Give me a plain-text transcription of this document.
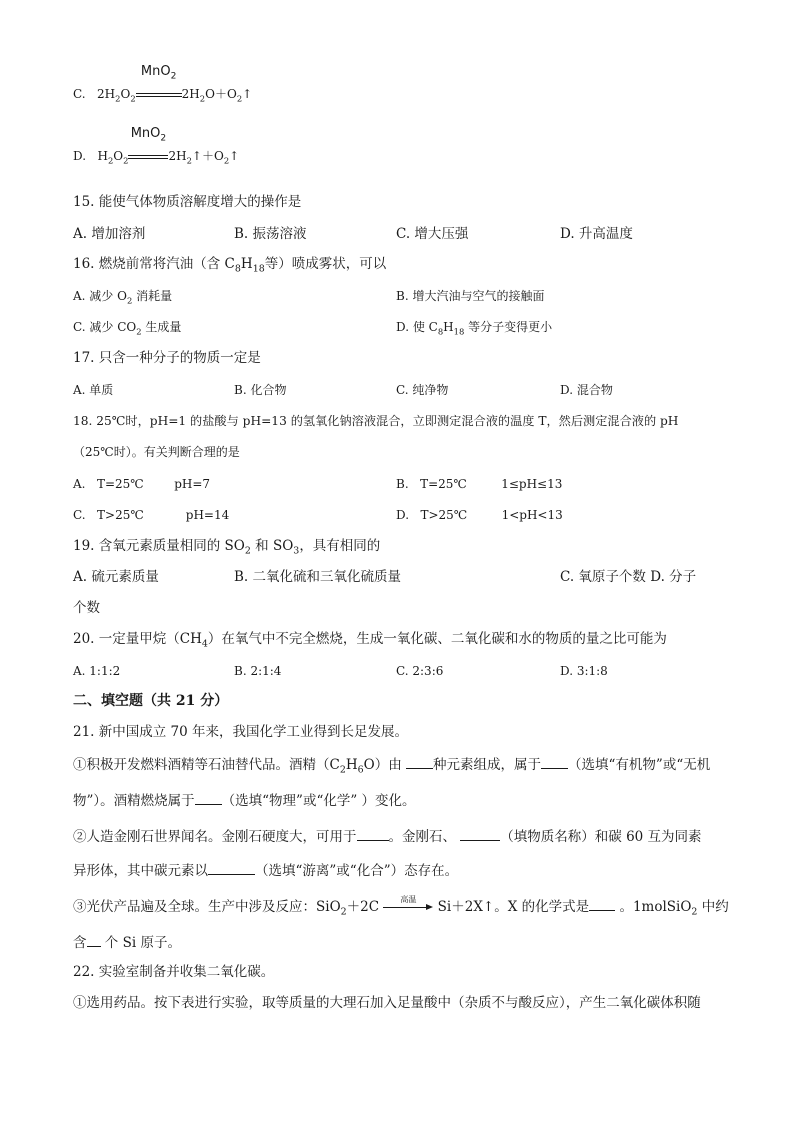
C. $2H_2O_2$
MnO$_2$
$2H_2O+O_2↑$
D. $H_2O_2$
MnO$_2$
$2H_2↑+O_2↑$
15. 能使气体物质溶解度增大的操作是
A. 增加溶剂	B. 振荡溶液	C. 增大压强	D. 升高温度
16. 燃烧前常将汽油（含 $C_8H_{18}$等）喷成雾状，可以
A. 减少 $O_2$ 消耗量	B. 增大汽油与空气的接触面
C. 减少 $CO_2$ 生成量	D. 使 $C_8H_{18}$ 等分子变得更小
17. 只含一种分子的物质一定是
A. 单质	B. 化合物	C. 纯净物	D. 混合物
18. 25℃时，pH=1 的盐酸与 pH=13 的氢氧化钠溶液混合，立即测定混合液的温度 T，然后测定混合液的 pH
（25℃时）。有关判断合理的是
A. T=25℃	pH=7	B. T=25℃	1≤pH≤13
C. T>25℃	pH=14	D. T>25℃	1<pH<13
19. 含氧元素质量相同的 $SO_2$ 和 $SO_3$，具有相同的
A. 硫元素质量	B. 二氧化硫和三氧化硫质量	C. 氧原子个数 D. 分子
个数
20. 一定量甲烷$(CH_4)$在氧气中不完全燃烧，生成一氧化碳、二氧化碳和水的物质的量之比可能为
A. 1:1:2	B. 2:1:4	C. 2:3:6	D. 3:1:8
二、填空题（共 21 分）
21. 新中国成立 70 年来，我国化学工业得到长足发展。
①积极开发燃料酒精等石油替代品。酒精$(C_2H_6O)$由 种元素组成，属于 （选填“有机物”或“无机
物”）。酒精燃烧属于 （选填“物理”或“化学” ）变化。
②人造金刚石世界闻名。金刚石硬度大，可用于 。金刚石、	（填物质名称）和碳 60 互为同素
异形体，其中碳元素以	（选填“游离”或“化合”）态存在。
③光伏产品遍及全球。生产中涉及反应：SiO$_2$＋2C	高温	Si＋2X↑。X 的化学式是 。1molSiO$_2$ 中约
含 个 Si 原子。
22. 实验室制备并收集二氧化碳。
①选用药品。按下表进行实验，取等质量的大理石加入足量酸中（杂质不与酸反应），产生二氧化碳体积随
